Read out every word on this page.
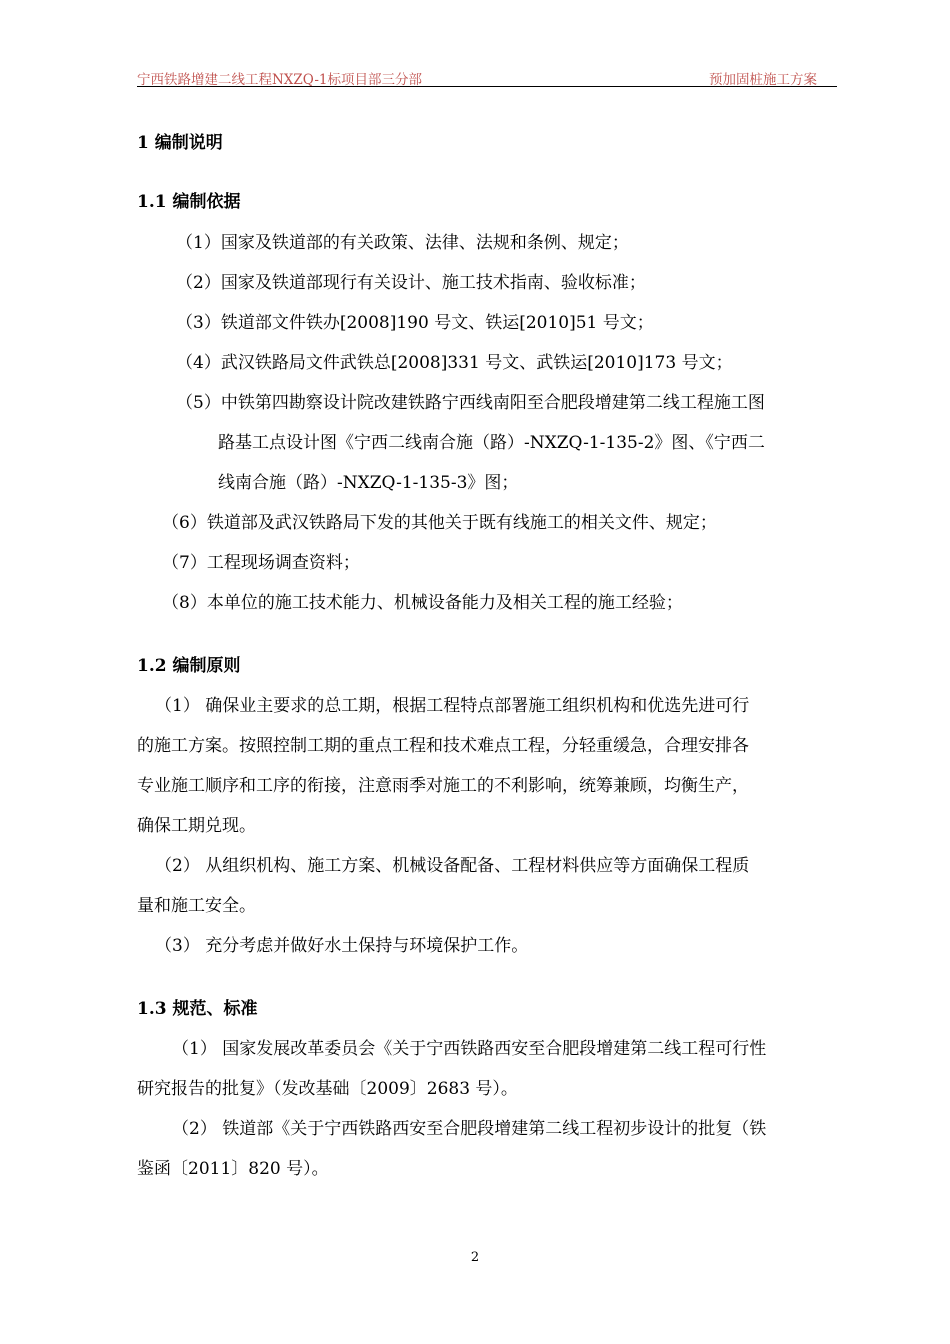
宁西铁路增建二线工程NXZQ-1标项目部三分部	预加固桩施工方案
1 编制说明
1.1 编制依据
（1）国家及铁道部的有关政策、法律、法规和条例、规定；
（2）国家及铁道部现行有关设计、施工技术指南、验收标准；
（3）铁道部文件铁办[2008]190 号文、铁运[2010]51 号文；
（4）武汉铁路局文件武铁总[2008]331 号文、武铁运[2010]173 号文；
（5）中铁第四勘察设计院改建铁路宁西线南阳至合肥段增建第二线工程施工图
路基工点设计图《宁西二线南合施（路）-NXZQ-1-135-2》图、《宁西二
线南合施（路）-NXZQ-1-135-3》图；
（6）铁道部及武汉铁路局下发的其他关于既有线施工的相关文件、规定；
（7）工程现场调查资料；
（8）本单位的施工技术能力、机械设备能力及相关工程的施工经验；
1.2 编制原则
（1） 确保业主要求的总工期，根据工程特点部署施工组织机构和优选先进可行
的施工方案。按照控制工期的重点工程和技术难点工程，分轻重缓急，合理安排各
专业施工顺序和工序的衔接，注意雨季对施工的不利影响，统筹兼顾，均衡生产，
确保工期兑现。
（2） 从组织机构、施工方案、机械设备配备、工程材料供应等方面确保工程质
量和施工安全。
（3） 充分考虑并做好水土保持与环境保护工作。
1.3 规范、标准
（1） 国家发展改革委员会《关于宁西铁路西安至合肥段增建第二线工程可行性
研究报告的批复》（发改基础〔2009〕2683 号）。
（2） 铁道部《关于宁西铁路西安至合肥段增建第二线工程初步设计的批复（铁
鉴函〔2011〕820 号）。
2
